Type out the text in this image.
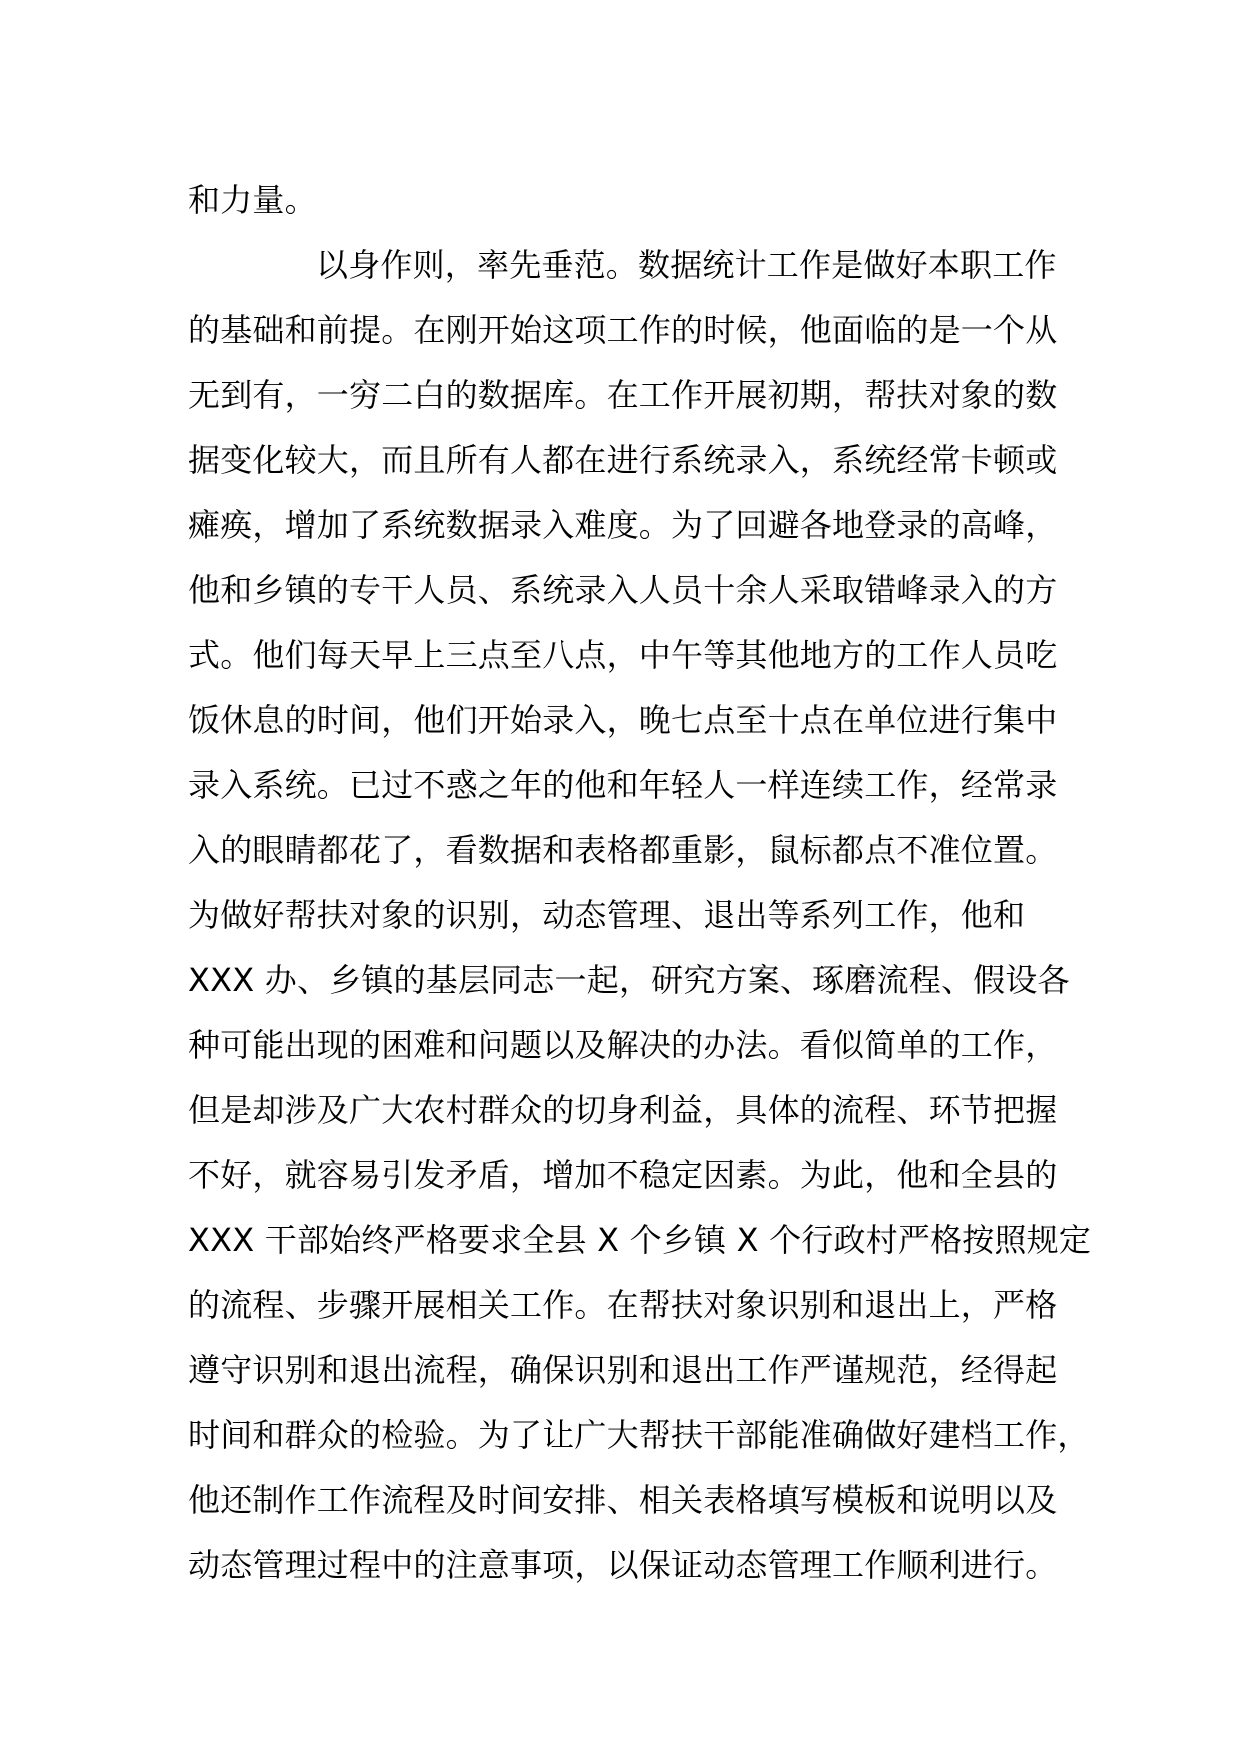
和力量。
以身作则，率先垂范。数据统计工作是做好本职工作
的基础和前提。在刚开始这项工作的时候，他面临的是一个从
无到有，一穷二白的数据库。在工作开展初期，帮扶对象的数
据变化较大，而且所有人都在进行系统录入，系统经常卡顿或
瘫痪，增加了系统数据录入难度。为了回避各地登录的高峰，
他和乡镇的专干人员、系统录入人员十余人采取错峰录入的方
式。他们每天早上三点至八点，中午等其他地方的工作人员吃
饭休息的时间，他们开始录入，晚七点至十点在单位进行集中
录入系统。已过不惑之年的他和年轻人一样连续工作，经常录
入的眼睛都花了，看数据和表格都重影，鼠标都点不准位置。
为做好帮扶对象的识别，动态管理、退出等系列工作，他和
XXX 办、乡镇的基层同志一起，研究方案、琢磨流程、假设各
种可能出现的困难和问题以及解决的办法。看似简单的工作，
但是却涉及广大农村群众的切身利益，具体的流程、环节把握
不好，就容易引发矛盾，增加不稳定因素。为此，他和全县的
XXX 干部始终严格要求全县 X 个乡镇 X 个行政村严格按照规定
的流程、步骤开展相关工作。在帮扶对象识别和退出上，严格
遵守识别和退出流程，确保识别和退出工作严谨规范，经得起
时间和群众的检验。为了让广大帮扶干部能准确做好建档工作，
他还制作工作流程及时间安排、相关表格填写模板和说明以及
动态管理过程中的注意事项，以保证动态管理工作顺利进行。
